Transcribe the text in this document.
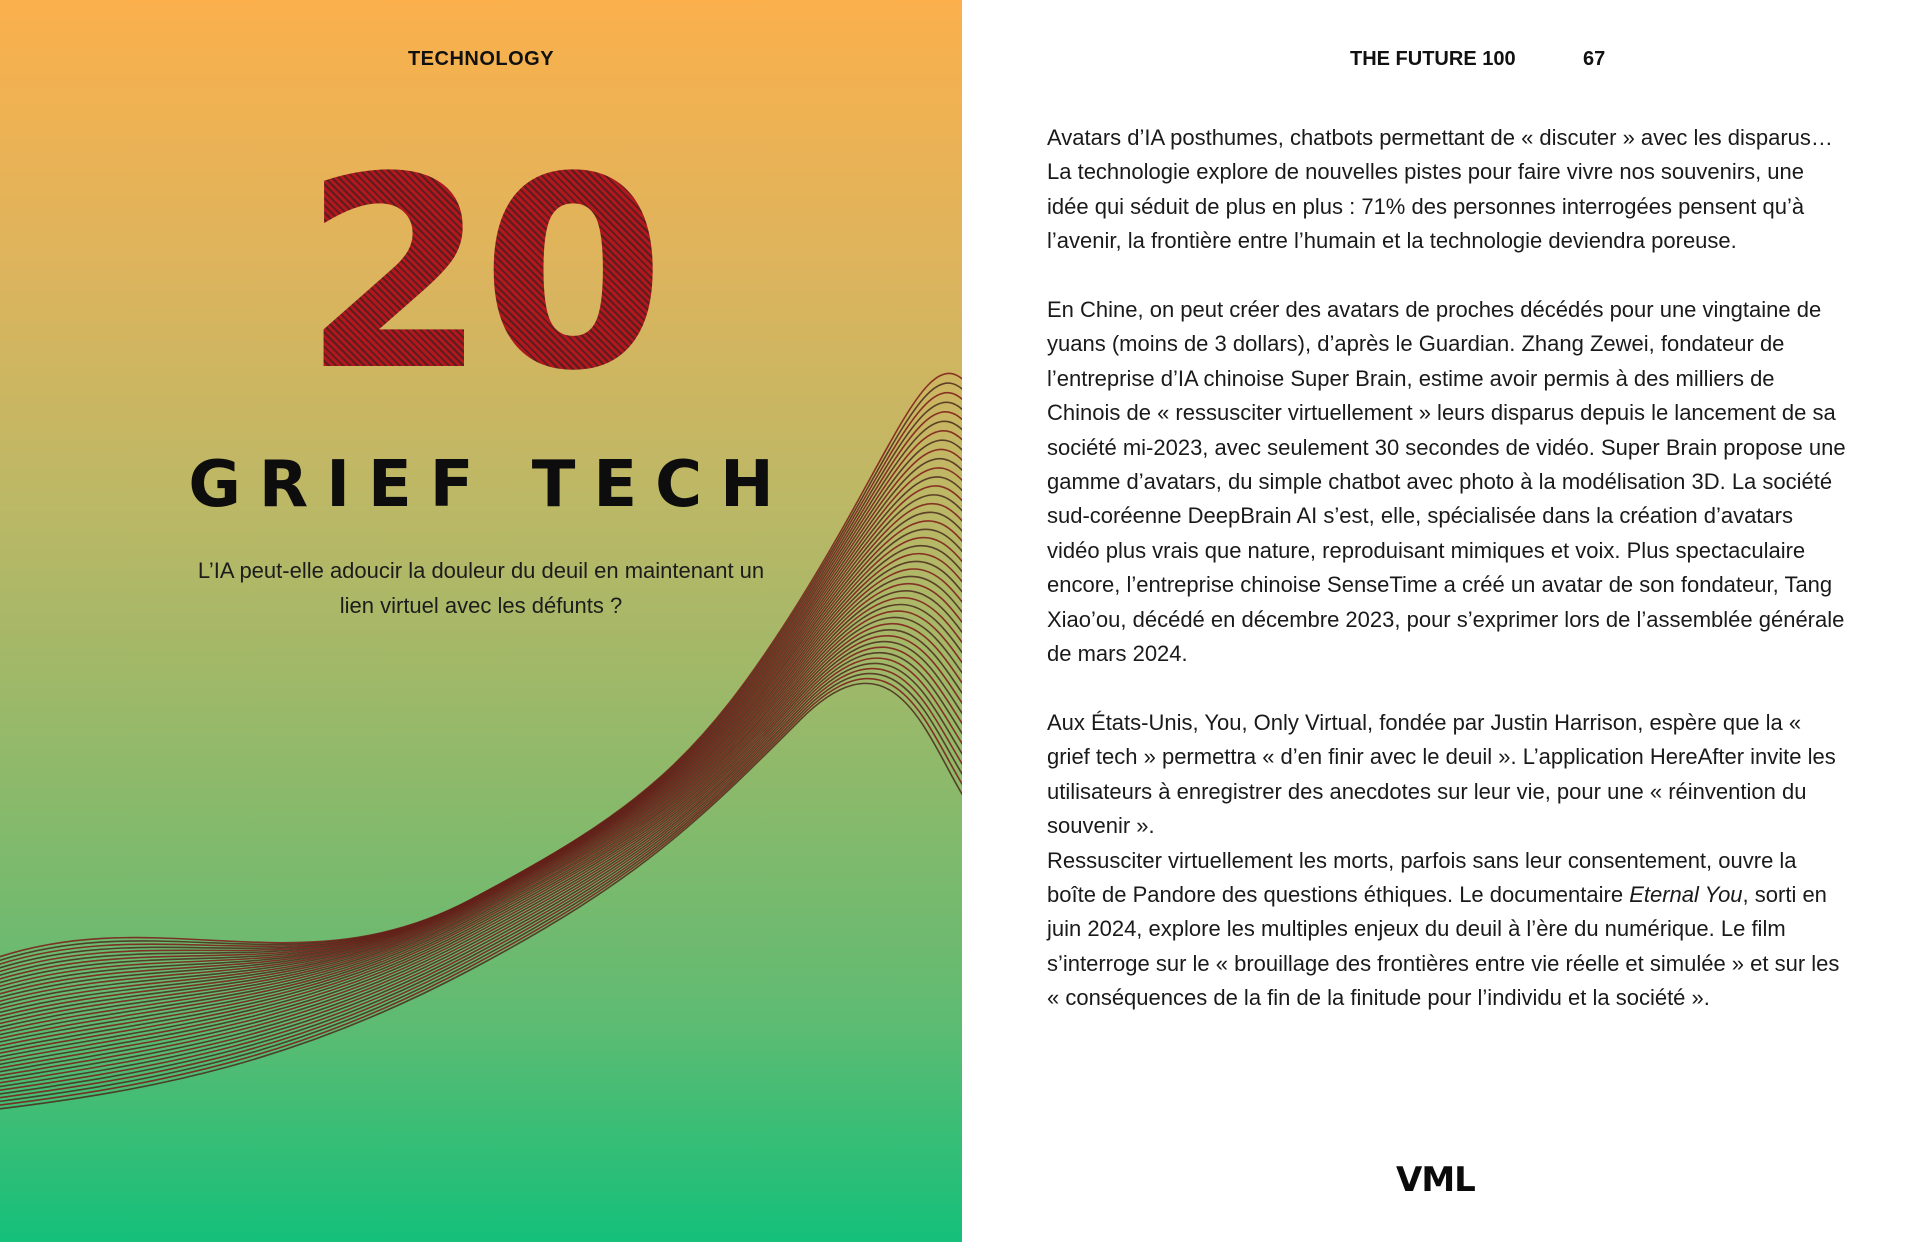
TECHNOLOGY
20
GRIEF TECH
L’IA peut-elle adoucir la douleur du deuil en maintenant un lien virtuel avec les défunts ?
THE FUTURE 100	67

Avatars d’IA posthumes, chatbots permettant de « discuter » avec les disparus… La technologie explore de nouvelles pistes pour faire vivre nos souvenirs, une idée qui séduit de plus en plus : 71% des personnes interrogées pensent qu’à l’avenir, la frontière entre l’humain et la technologie deviendra poreuse.

En Chine, on peut créer des avatars de proches décédés pour une vingtaine de yuans (moins de 3 dollars), d’après le Guardian. Zhang Zewei, fondateur de l’entreprise d’IA chinoise Super Brain, estime avoir permis à des milliers de Chinois de « ressusciter virtuellement » leurs disparus depuis le lancement de sa société mi-2023, avec seulement 30 secondes de vidéo. Super Brain propose une gamme d’avatars, du simple chatbot avec photo à la modélisation 3D. La société sud-coréenne DeepBrain AI s’est, elle, spécialisée dans la création d’avatars vidéo plus vrais que nature, reproduisant mimiques et voix. Plus spectaculaire encore, l’entreprise chinoise SenseTime a créé un avatar de son fondateur, Tang Xiao’ou, décédé en décembre 2023, pour s’exprimer lors de l’assemblée générale de mars 2024.

Aux États-Unis, You, Only Virtual, fondée par Justin Harrison, espère que la « grief tech » permettra « d’en finir avec le deuil ». L’application HereAfter invite les utilisateurs à enregistrer des anecdotes sur leur vie, pour une « réinvention du souvenir ».

Ressusciter virtuellement les morts, parfois sans leur consentement, ouvre la boîte de Pandore des questions éthiques. Le documentaire Eternal You, sorti en juin 2024, explore les multiples enjeux du deuil à l’ère du numérique. Le film s’interroge sur le « brouillage des frontières entre vie réelle et simulée » et sur les « conséquences de la fin de la finitude pour l’individu et la société ».

VML
